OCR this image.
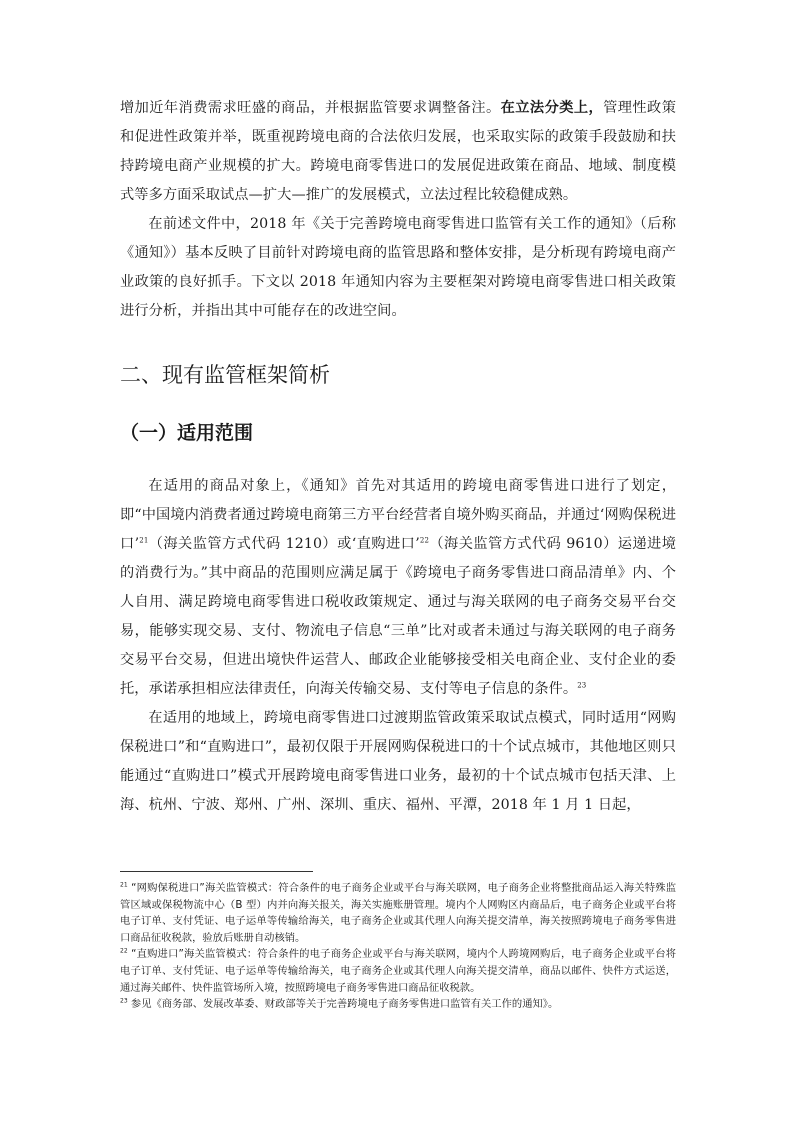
增加近年消费需求旺盛的商品，并根据监管要求调整备注。在立法分类上，管理性政策和促进性政策并举，既重视跨境电商的合法依归发展，也采取实际的政策手段鼓励和扶持跨境电商产业规模的扩大。跨境电商零售进口的发展促进政策在商品、地域、制度模式等多方面采取试点—扩大—推广的发展模式，立法过程比较稳健成熟。

在前述文件中，2018 年《关于完善跨境电商零售进口监管有关工作的通知》（后称《通知》）基本反映了目前针对跨境电商的监管思路和整体安排，是分析现有跨境电商产业政策的良好抓手。下文以 2018 年通知内容为主要框架对跨境电商零售进口相关政策进行分析，并指出其中可能存在的改进空间。

二、现有监管框架简析
（一）适用范围

在适用的商品对象上，《通知》首先对其适用的跨境电商零售进口进行了划定，即“中国境内消费者通过跨境电商第三方平台经营者自境外购买商品，并通过‘网购保税进口’$^{21}$（海关监管方式代码 1210）或‘直购进口’$^{22}$（海关监管方式代码 9610）运递进境的消费行为。”其中商品的范围则应满足属于《跨境电子商务零售进口商品清单》内、个人自用、满足跨境电商零售进口税收政策规定、通过与海关联网的电子商务交易平台交易，能够实现交易、支付、物流电子信息“三单”比对或者未通过与海关联网的电子商务交易平台交易，但进出境快件运营人、邮政企业能够接受相关电商企业、支付企业的委托，承诺承担相应法律责任，向海关传输交易、支付等电子信息的条件。$^{23}$

在适用的地域上，跨境电商零售进口过渡期监管政策采取试点模式，同时适用“网购保税进口”和“直购进口”，最初仅限于开展网购保税进口的十个试点城市，其他地区则只能通过“直购进口”模式开展跨境电商零售进口业务，最初的十个试点城市包括天津、上海、杭州、宁波、郑州、广州、深圳、重庆、福州、平潭，2018 年 1 月 1 日起，

$^{21}$ “网购保税进口”海关监管模式：符合条件的电子商务企业或平台与海关联网，电子商务企业将整批商品运入海关特殊监管区域或保税物流中心（B 型）内并向海关报关，海关实施账册管理。境内个人网购区内商品后，电子商务企业或平台将电子订单、支付凭证、电子运单等传输给海关，电子商务企业或其代理人向海关提交清单，海关按照跨境电子商务零售进口商品征收税款，验放后账册自动核销。

$^{22}$ “直购进口”海关监管模式：符合条件的电子商务企业或平台与海关联网，境内个人跨境网购后，电子商务企业或平台将电子订单、支付凭证、电子运单等传输给海关，电子商务企业或其代理人向海关提交清单，商品以邮件、快件方式运送，通过海关邮件、快件监管场所入境，按照跨境电子商务零售进口商品征收税款。

$^{23}$ 参见《商务部、发展改革委、财政部等关于完善跨境电子商务零售进口监管有关工作的通知》。
